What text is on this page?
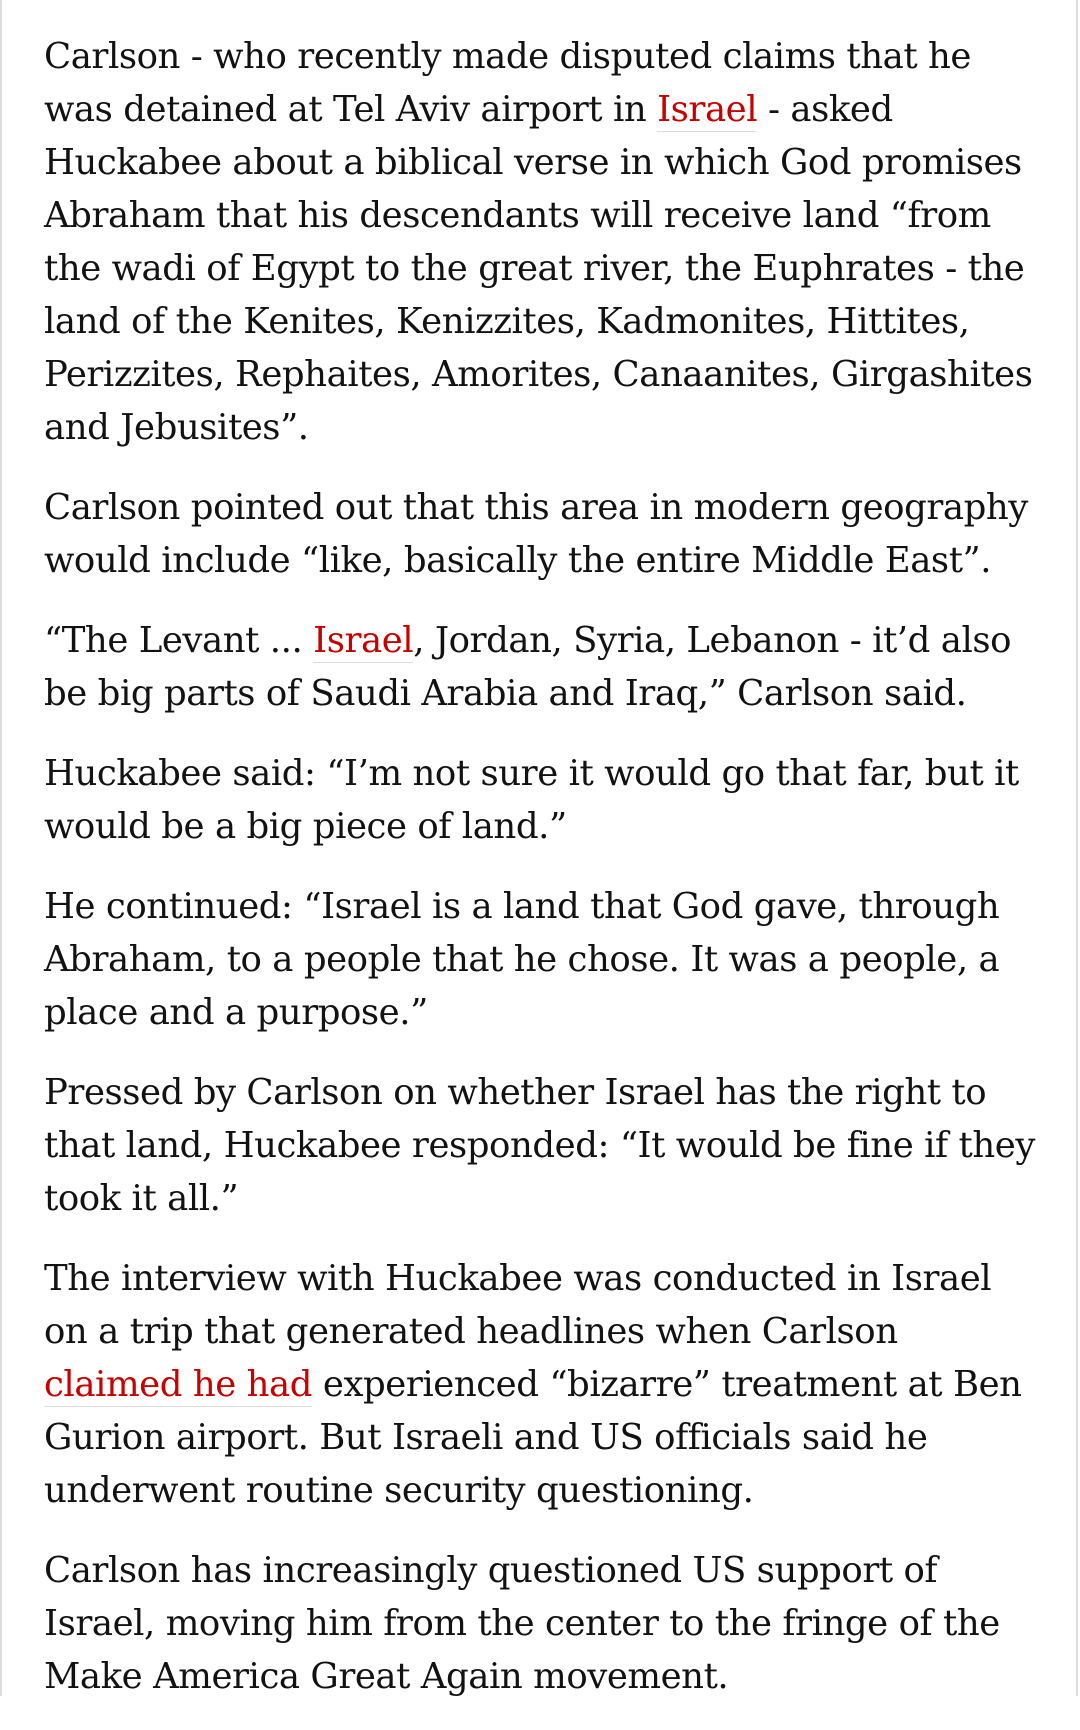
Carlson - who recently made disputed claims that he was detained at Tel Aviv airport in Israel - asked Huckabee about a biblical verse in which God promises Abraham that his descendants will receive land “from the wadi of Egypt to the great river, the Euphrates - the land of the Kenites, Kenizzites, Kadmonites, Hittites, Perizzites, Rephaites, Amorites, Canaanites, Girgashites and Jebusites”.

Carlson pointed out that this area in modern geography would include “like, basically the entire Middle East”.

“The Levant ... Israel, Jordan, Syria, Lebanon - it’d also be big parts of Saudi Arabia and Iraq,” Carlson said.

Huckabee said: “I’m not sure it would go that far, but it would be a big piece of land.”

He continued: “Israel is a land that God gave, through Abraham, to a people that he chose. It was a people, a place and a purpose.”

Pressed by Carlson on whether Israel has the right to that land, Huckabee responded: “It would be fine if they took it all.”

The interview with Huckabee was conducted in Israel on a trip that generated headlines when Carlson claimed he had experienced “bizarre” treatment at Ben Gurion airport. But Israeli and US officials said he underwent routine security questioning.

Carlson has increasingly questioned US support of Israel, moving him from the center to the fringe of the Make America Great Again movement.
